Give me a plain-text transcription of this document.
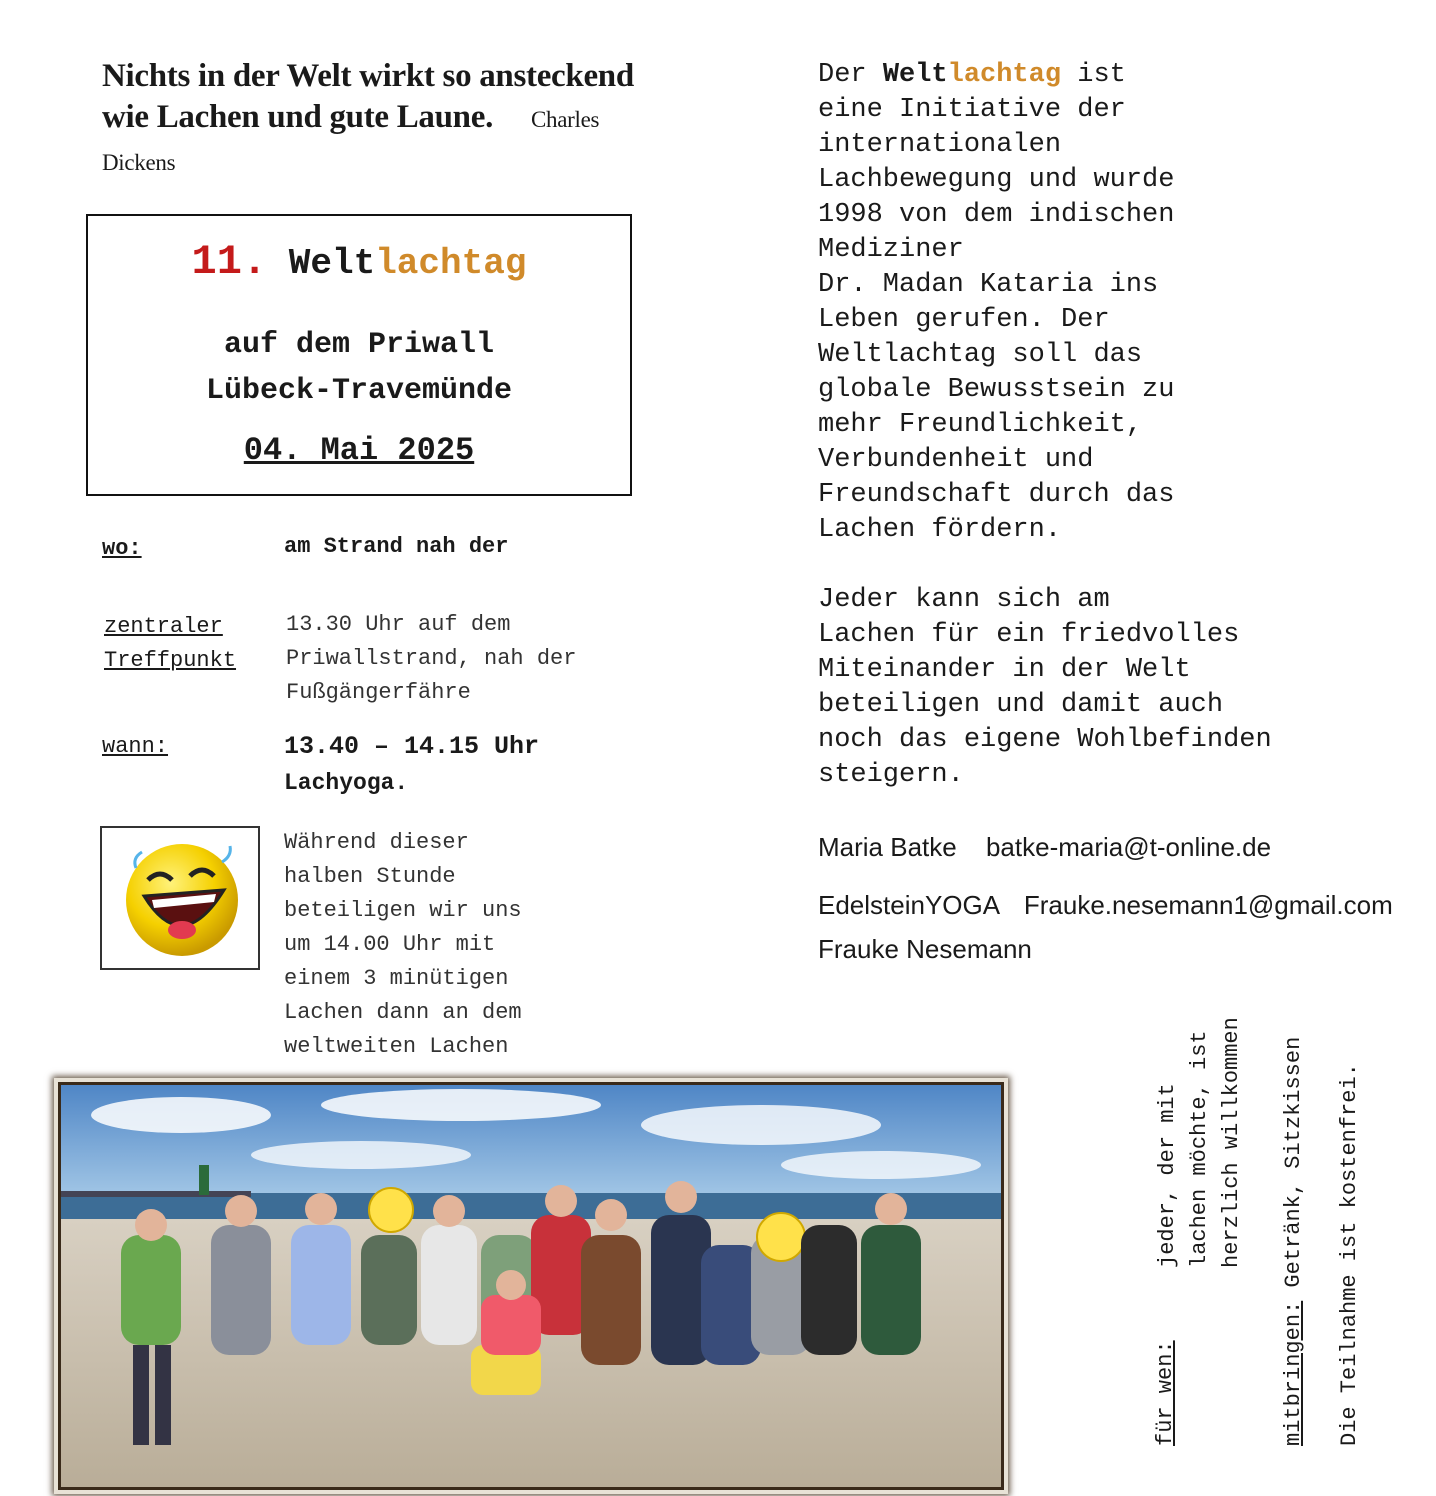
Nichts in der Welt wirkt so ansteckend wie Lachen und gute Laune. Charles Dickens
11. Weltlachtag
auf dem Priwall
Lübeck-Travemünde
04. Mai 2025
wo:	am Strand nah der
zentraler
Treffpunkt
13.30 Uhr auf dem
Priwallstrand, nah der
Fußgängerfähre
wann:	13.40 – 14.15 Uhr
Lachyoga.
Während dieser
halben Stunde
beteiligen wir uns
um 14.00 Uhr mit
einem 3 minütigen
Lachen dann an dem
weltweiten Lachen
Der Weltlachtag ist
eine Initiative der
internationalen
Lachbewegung und wurde
1998 von dem indischen
Mediziner
Dr. Madan Kataria ins
Leben gerufen. Der
Weltlachtag soll das
globale Bewusstsein zu
mehr Freundlichkeit,
Verbundenheit und
Freundschaft durch das
Lachen fördern.
Jeder kann sich am
Lachen für ein friedvolles
Miteinander in der Welt
beteiligen und damit auch
noch das eigene Wohlbefinden
steigern.
Maria Batke batke-maria@t-online.de
EdelsteinYOGA Frauke.nesemann1@gmail.com
Frauke Nesemann
für wen:
jeder, der mit lachen möchte, ist herzlich willkommen
mitbringen: Getränk, Sitzkissen Die Teilnahme ist kostenfrei.
